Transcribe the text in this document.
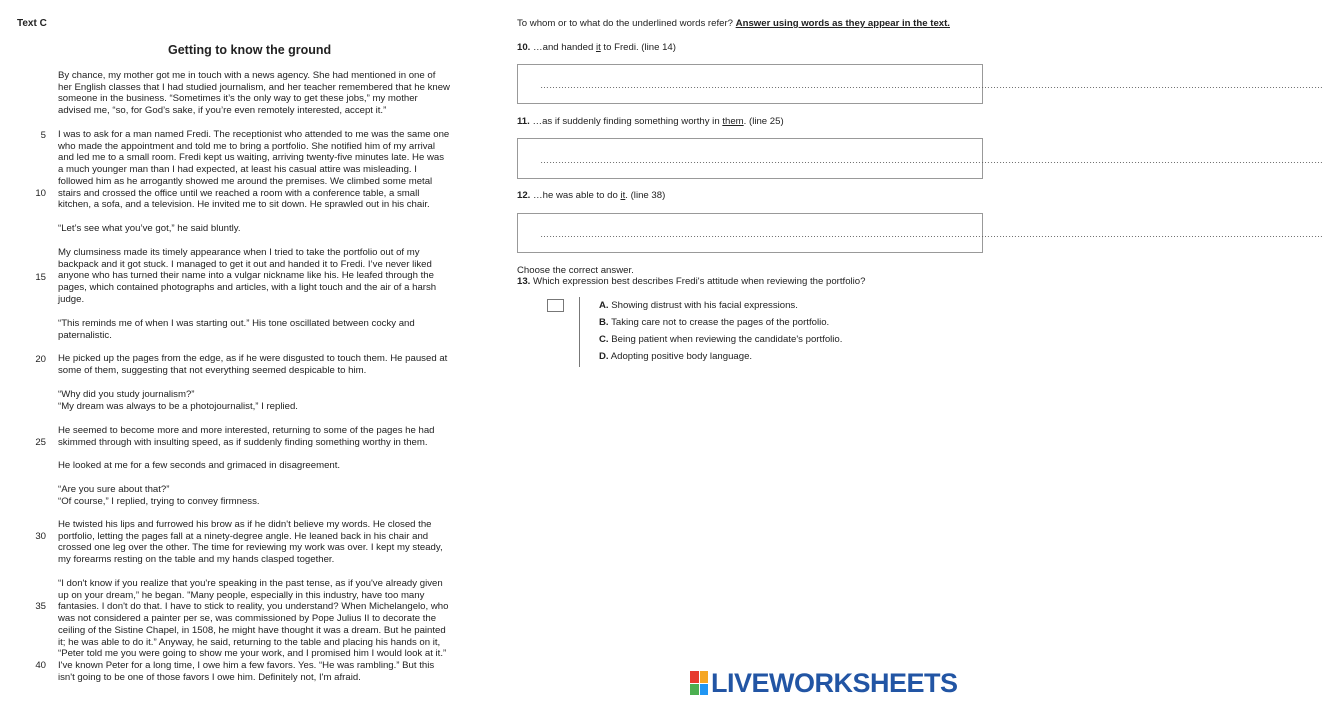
Text C
Getting to know the ground
By chance, my mother got me in touch with a news agency. She had mentioned in one of
her English classes that I had studied journalism, and her teacher remembered that he knew
someone in the business. “Sometimes it’s the only way to get these jobs,” my mother
advised me, “so, for God’s sake, if you’re even remotely interested, accept it.”
I was to ask for a man named Fredi. The receptionist who attended to me was the same one
who made the appointment and told me to bring a portfolio. She notified him of my arrival
and led me to a small room. Fredi kept us waiting, arriving twenty-five minutes late. He was
a much younger man than I had expected, at least his casual attire was misleading. I
followed him as he arrogantly showed me around the premises. We climbed some metal
stairs and crossed the office until we reached a room with a conference table, a small
kitchen, a sofa, and a television. He invited me to sit down. He sprawled out in his chair.
“Let’s see what you’ve got,” he said bluntly.
My clumsiness made its timely appearance when I tried to take the portfolio out of my
backpack and it got stuck. I managed to get it out and handed it to Fredi. I’ve never liked
anyone who has turned their name into a vulgar nickname like his. He leafed through the
pages, which contained photographs and articles, with a light touch and the air of a harsh
judge.
“This reminds me of when I was starting out.” His tone oscillated between cocky and
paternalistic.
He picked up the pages from the edge, as if he were disgusted to touch them. He paused at
some of them, suggesting that not everything seemed despicable to him.
“Why did you study journalism?”
“My dream was always to be a photojournalist,” I replied.
He seemed to become more and more interested, returning to some of the pages he had
skimmed through with insulting speed, as if suddenly finding something worthy in them.
He looked at me for a few seconds and grimaced in disagreement.
“Are you sure about that?”
“Of course,” I replied, trying to convey firmness.
He twisted his lips and furrowed his brow as if he didn't believe my words. He closed the
portfolio, letting the pages fall at a ninety-degree angle. He leaned back in his chair and
crossed one leg over the other. The time for reviewing my work was over. I kept my steady,
my forearms resting on the table and my hands clasped together.
“I don't know if you realize that you're speaking in the past tense, as if you've already given
up on your dream,” he began. "Many people, especially in this industry, have too many
fantasies. I don't do that. I have to stick to reality, you understand? When Michelangelo, who
was not considered a painter per se, was commissioned by Pope Julius II to decorate the
ceiling of the Sistine Chapel, in 1508, he might have thought it was a dream. But he painted
it; he was able to do it.” Anyway, he said, returning to the table and placing his hands on it,
“Peter told me you were going to show me your work, and I promised him I would look at it.”
I've known Peter for a long time, I owe him a few favors. Yes. “He was rambling.” But this
isn't going to be one of those favors I owe him. Definitely not, I'm afraid.
5
10
15
20
25
30
35
40
To whom or to what do the underlined words refer? Answer using words as they appear in the text.
10. …and handed it to Fredi. (line 14)
………………………………………………………………………………………………………………………………………………………………………………………………………………………………………
11. …as if suddenly finding something worthy in them. (line 25)
………………………………………………………………………………………………………………………………………………………………………………………………………………………………………
12. …he was able to do it. (line 38)
………………………………………………………………………………………………………………………………………………………………………………………………………………………………………
Choose the correct answer.
13. Which expression best describes Fredi's attitude when reviewing the portfolio?
A. Showing distrust with his facial expressions.
B. Taking care not to crease the pages of the portfolio.
C. Being patient when reviewing the candidate's portfolio.
D. Adopting positive body language.
LIVEWORKSHEETS
